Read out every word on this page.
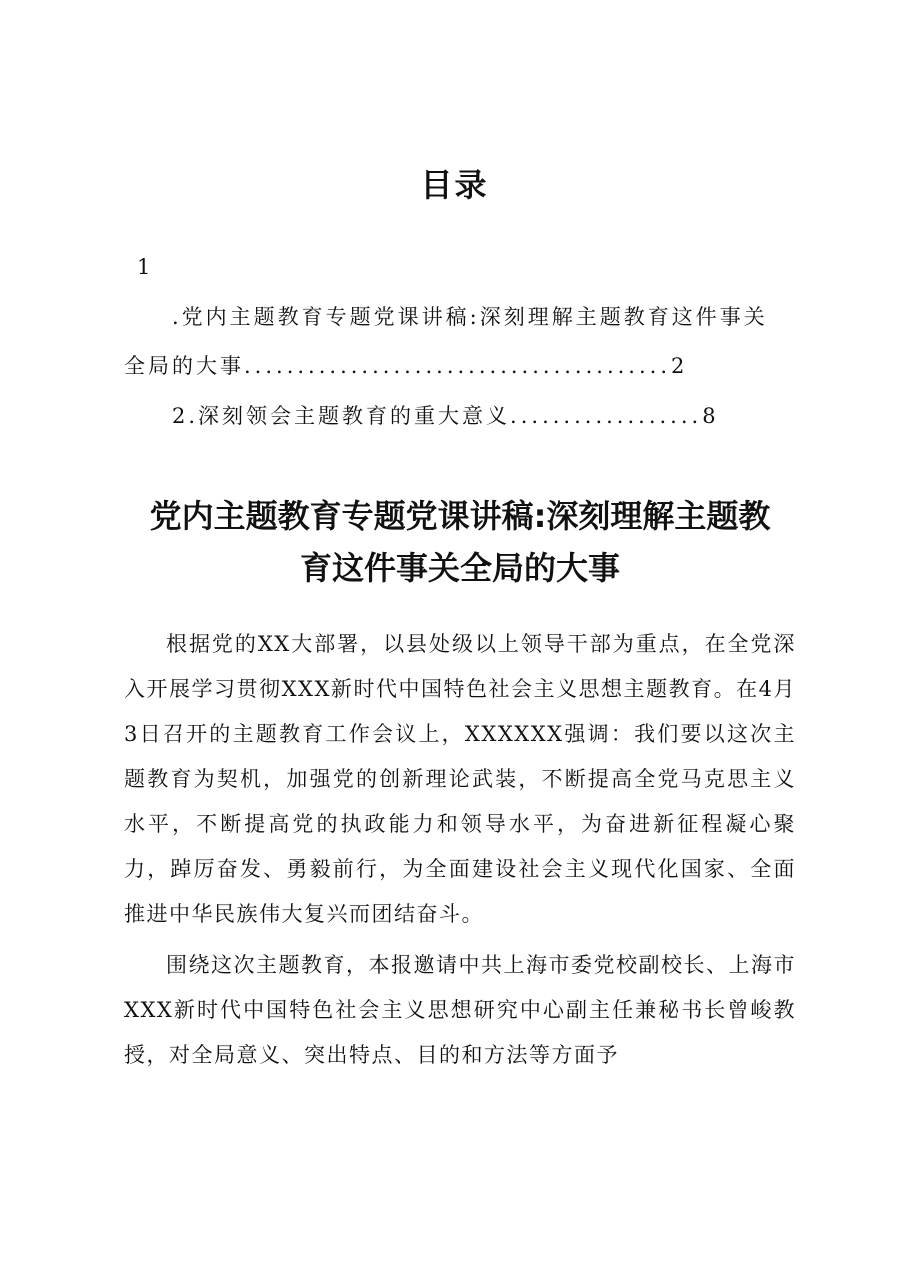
目录
1
.党内主题教育专题党课讲稿:深刻理解主题教育这件事关
全局的大事........................................2
2.深刻领会主题教育的重大意义..................8
党内主题教育专题党课讲稿:深刻理解主题教
育这件事关全局的大事

根据党的XX大部署，以县处级以上领导干部为重点，在全党深入开展学习贯彻XXX新时代中国特色社会主义思想主题教育。在4月3日召开的主题教育工作会议上，XXXXXX强调：我们要以这次主题教育为契机，加强党的创新理论武装，不断提高全党马克思主义水平，不断提高党的执政能力和领导水平，为奋进新征程凝心聚力，踔厉奋发、勇毅前行，为全面建设社会主义现代化国家、全面推进中华民族伟大复兴而团结奋斗。

围绕这次主题教育，本报邀请中共上海市委党校副校长、上海市XXX新时代中国特色社会主义思想研究中心副主任兼秘书长曾峻教授，对全局意义、突出特点、目的和方法等方面予
